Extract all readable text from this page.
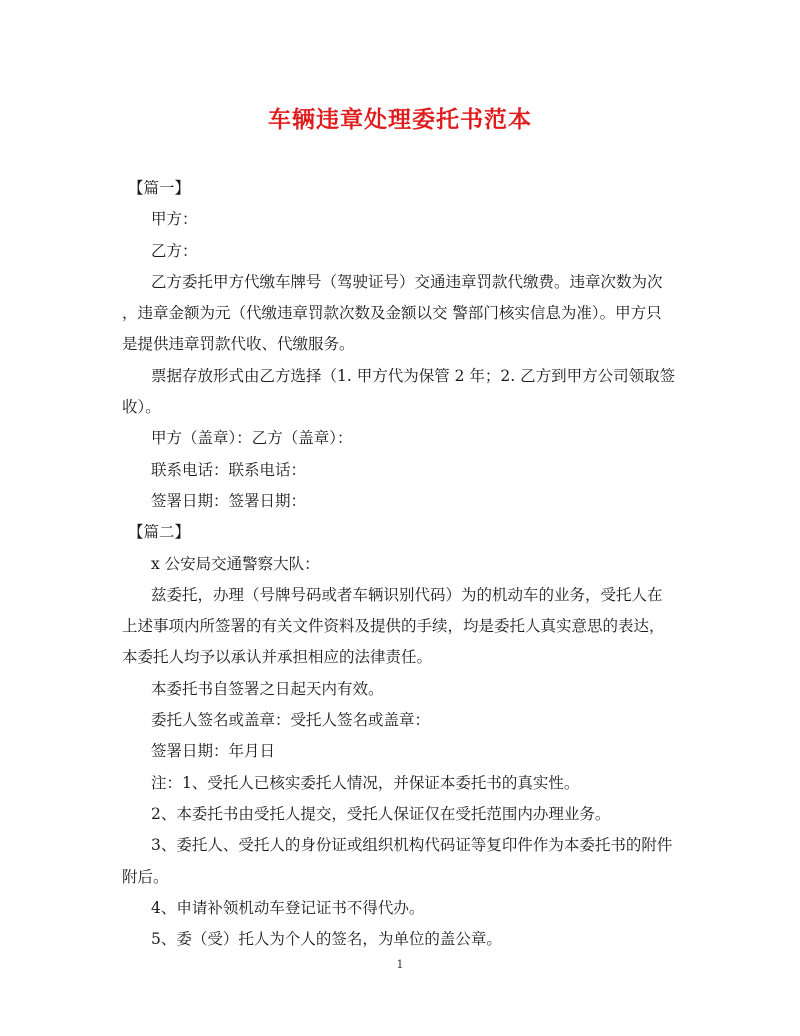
车辆违章处理委托书范本

【篇一】

甲方：

乙方：

乙方委托甲方代缴车牌号（驾驶证号）交通违章罚款代缴费。违章次数为次

，违章金额为元（代缴违章罚款次数及金额以交 警部门核实信息为准）。甲方只

是提供违章罚款代收、代缴服务。

票据存放形式由乙方选择（1. 甲方代为保管 2 年；2. 乙方到甲方公司领取签

收）。

甲方（盖章）：乙方（盖章）：

联系电话：联系电话：

签署日期：签署日期：

【篇二】

x 公安局交通警察大队：

兹委托，办理（号牌号码或者车辆识别代码）为的机动车的业务，受托人在

上述事项内所签署的有关文件资料及提供的手续，均是委托人真实意思的表达，

本委托人均予以承认并承担相应的法律责任。

本委托书自签署之日起天内有效。

委托人签名或盖章：受托人签名或盖章：

签署日期：年月日

注：1、受托人已核实委托人情况，并保证本委托书的真实性。

2、本委托书由受托人提交，受托人保证仅在受托范围内办理业务。

3、委托人、受托人的身份证或组织机构代码证等复印件作为本委托书的附件

附后。

4、申请补领机动车登记证书不得代办。

5、委（受）托人为个人的签名，为单位的盖公章。

1
